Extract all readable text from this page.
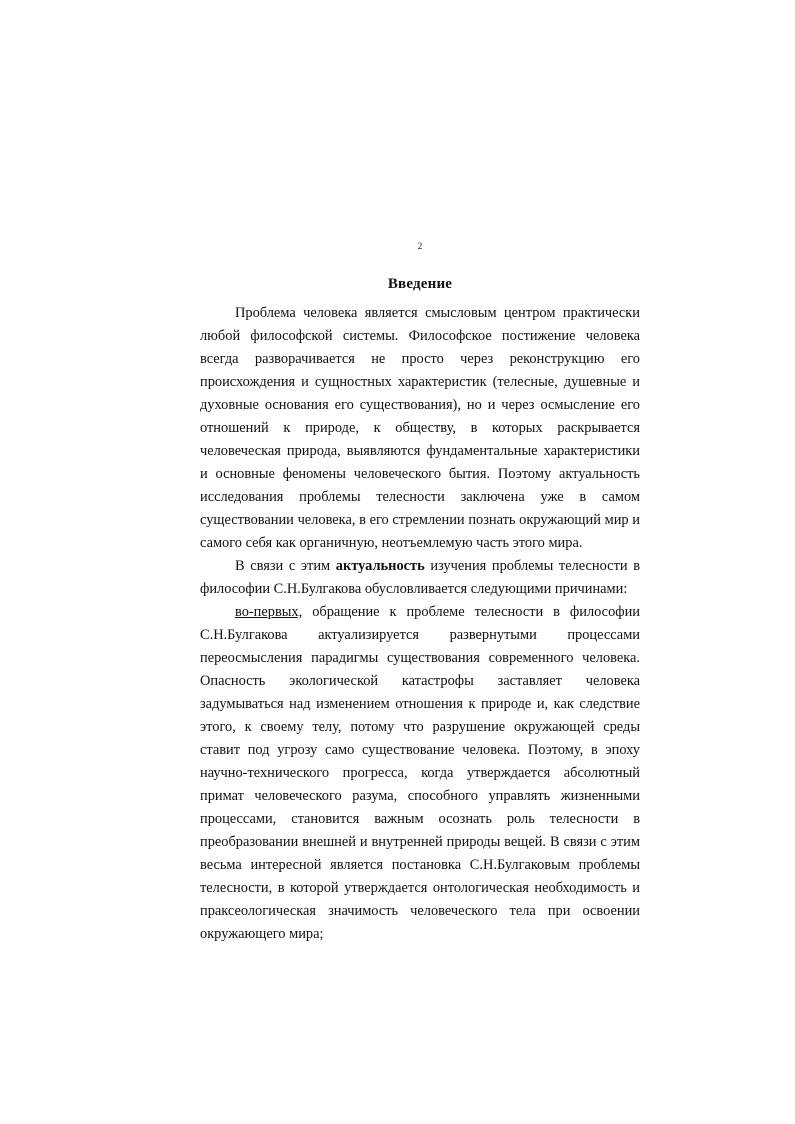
2
Введение

Проблема человека является смысловым центром практически любой философской системы. Философское постижение человека всегда разворачивается не просто через реконструкцию его происхождения и сущностных характеристик (телесные, душевные и духовные основания его существования), но и через осмысление его отношений к природе, к обществу, в которых раскрывается человеческая природа, выявляются фундаментальные характеристики и основные феномены человеческого бытия. Поэтому актуальность исследования проблемы телесности заключена уже в самом существовании человека, в его стремлении познать окружающий мир и самого себя как органичную, неотъемлемую часть этого мира.

В связи с этим актуальность изучения проблемы телесности в философии С.Н.Булгакова обусловливается следующими причинами:

во-первых, обращение к проблеме телесности в философии С.Н.Булгакова актуализируется развернутыми процессами переосмысления парадигмы существования современного человека. Опасность экологической катастрофы заставляет человека задумываться над изменением отношения к природе и, как следствие этого, к своему телу, потому что разрушение окружающей среды ставит под угрозу само существование человека. Поэтому, в эпоху научно-технического прогресса, когда утверждается абсолютный примат человеческого разума, способного управлять жизненными процессами, становится важным осознать роль телесности в преобразовании внешней и внутренней природы вещей. В связи с этим весьма интересной является постановка С.Н.Булгаковым проблемы телесности, в которой утверждается онтологическая необходимость и праксеологическая значимость человеческого тела при освоении окружающего мира;
